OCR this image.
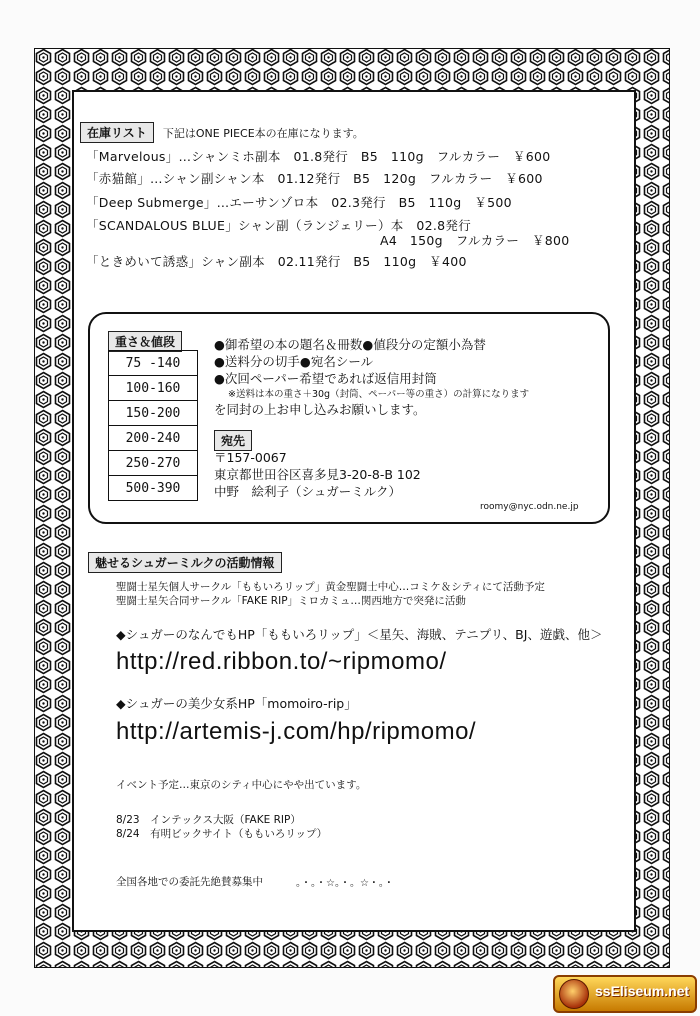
在庫リスト 下記はONE PIECE本の在庫になります。
「Marvelous」…シャンミホ副本　01.8発行　B5　110g　フルカラー　￥600
「赤猫館」…シャン副シャン本　01.12発行　B5　120g　フルカラー　￥600
「Deep Submerge」…エーサンゾロ本　02.3発行　B5　110g　￥500
「SCANDALOUS BLUE」シャン副（ランジェリー）本　02.8発行
A4　150g　フルカラー　￥800
「ときめいて誘惑」シャン副本　02.11発行　B5　110g　￥400
重さ＆値段
75 -140
100-160
150-200
200-240
250-270
500-390
●御希望の本の題名＆冊数●値段分の定額小為替
●送料分の切手●宛名シール
●次回ペーパー希望であれば返信用封筒
※送料は本の重さ＋30g（封筒、ペーパー等の重さ）の計算になります
を同封の上お申し込みお願いします。
宛先
〒157-0067
東京都世田谷区喜多見3-20-8-B 102
中野　絵利子（シュガーミルク）
roomy@nyc.odn.ne.jp
魅せるシュガーミルクの活動情報
聖闘士星矢個人サークル「ももいろリップ」黄金聖闘士中心…コミケ＆シティにて活動予定
聖闘士星矢合同サークル「FAKE RIP」ミロカミュ…関西地方で突発に活動
◆シュガーのなんでもHP「ももいろリップ」＜星矢、海賊、テニプリ、BJ、遊戯、他＞
http://red.ribbon.to/~ripmomo/
◆シュガーの美少女系HP「momoiro-rip」
http://artemis-j.com/hp/ripmomo/
イベント予定…東京のシティ中心にやや出ています。
8/23　インテックス大阪（FAKE RIP）
8/24　有明ビックサイト（ももいろリップ）
全国各地での委託先絶賛募集中	。・。・☆。・。☆・。・
ssEliseum.net
